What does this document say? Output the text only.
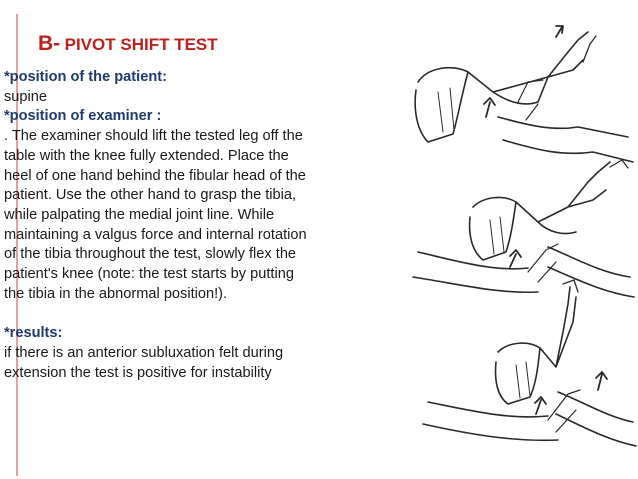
B- PIVOT SHIFT TEST
*position of the patient:
supine
*position of examiner :
. The examiner should lift the tested leg off the
table with the knee fully extended. Place the
heel of one hand behind the fibular head of the
patient. Use the other hand to grasp the tibia,
while palpating the medial joint line. While
maintaining a valgus force and internal rotation
of the tibia throughout the test, slowly flex the
patient's knee (note: the test starts by putting
the tibia in the abnormal position!).
*results:
if there is an anterior subluxation felt during
extension the test is positive for instability
